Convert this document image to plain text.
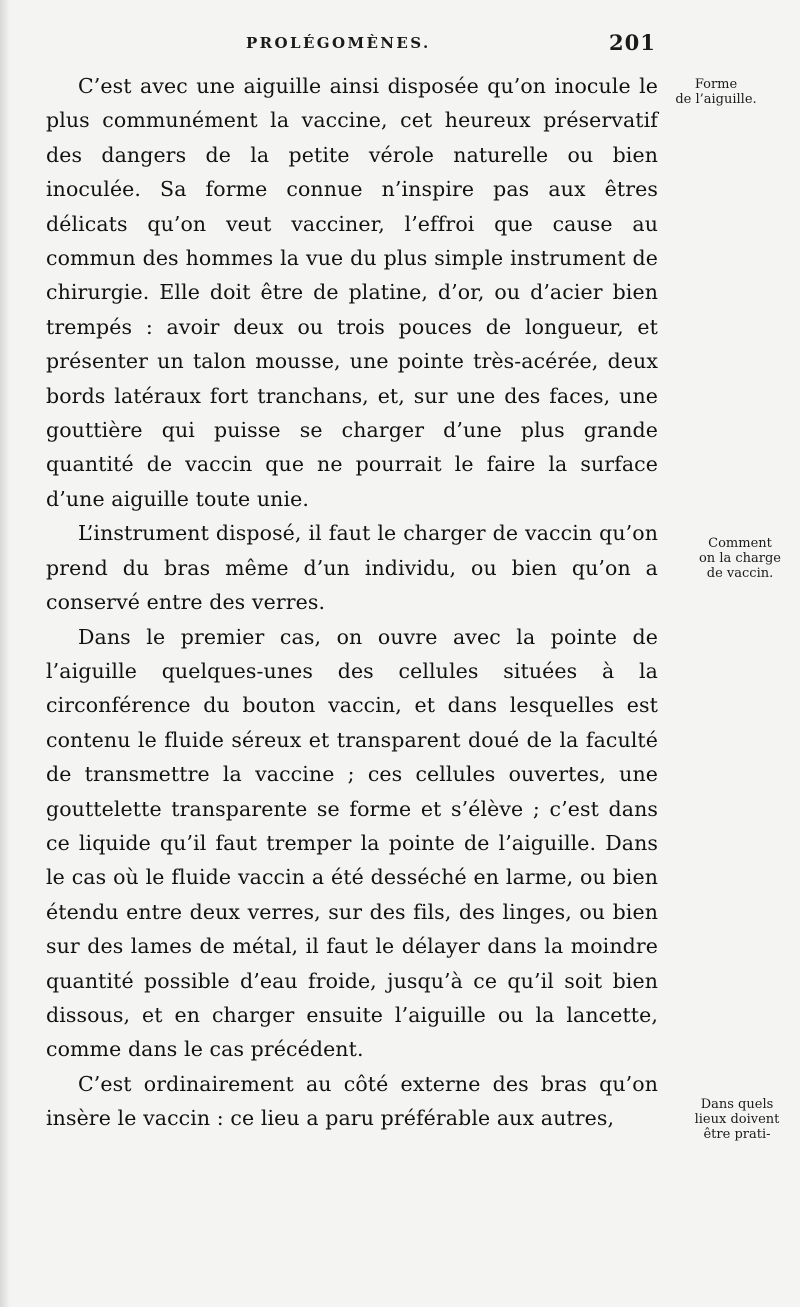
PROLÉGOMÈNES.	201

C’est avec une aiguille ainsi disposée qu’on inocule le plus communément la vaccine, cet heureux préservatif des dangers de la petite vérole naturelle ou bien inoculée. Sa forme connue n’inspire pas aux êtres délicats qu’on veut vacciner, l’effroi que cause au commun des hommes la vue du plus simple instrument de chirurgie. Elle doit être de platine, d’or, ou d’acier bien trempés : avoir deux ou trois pouces de longueur, et présenter un talon mousse, une pointe très-acérée, deux bords latéraux fort tranchans, et, sur une des faces, une gouttière qui puisse se charger d’une plus grande quantité de vaccin que ne pourrait le faire la surface d’une aiguille toute unie.

L’instrument disposé, il faut le charger de vaccin qu’on prend du bras même d’un individu, ou bien qu’on a conservé entre des verres.

Dans le premier cas, on ouvre avec la pointe de l’aiguille quelques-unes des cellules situées à la circonférence du bouton vaccin, et dans lesquelles est contenu le fluide séreux et transparent doué de la faculté de transmettre la vaccine ; ces cellules ouvertes, une gouttelette transparente se forme et s’élève ; c’est dans ce liquide qu’il faut tremper la pointe de l’aiguille. Dans le cas où le fluide vaccin a été desséché en larme, ou bien étendu entre deux verres, sur des fils, des linges, ou bien sur des lames de métal, il faut le délayer dans la moindre quantité possible d’eau froide, jusqu’à ce qu’il soit bien dissous, et en charger ensuite l’aiguille ou la lancette, comme dans le cas précédent.

C’est ordinairement au côté externe des bras qu’on insère le vaccin : ce lieu a paru préférable aux autres,

Forme
de l’aiguille.
Comment
on la charge
de vaccin.
Dans quels
lieux doivent
être prati-
